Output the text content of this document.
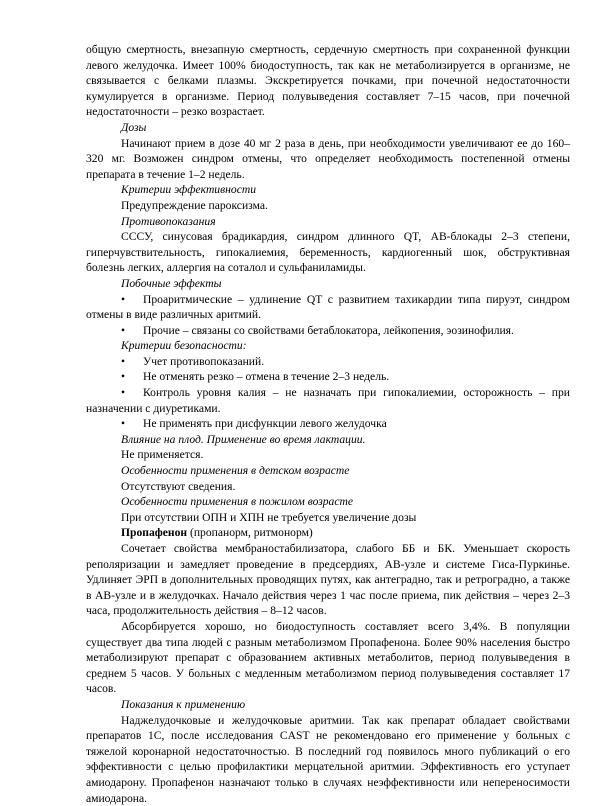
общую смертность, внезапную смертность, сердечную смертность при сохраненной функции левого желудочка. Имеет 100% биодоступность, так как не метаболизируется в организме, не связывается с белками плазмы. Экскретируется почками, при почечной недостаточности кумулируется в организме. Период полувыведения составляет 7–15 часов, при почечной недостаточности – резко возрастает.

Дозы

Начинают прием в дозе 40 мг 2 раза в день, при необходимости увеличивают ее до 160–320 мг. Возможен синдром отмены, что определяет необходимость постепенной отмены препарата в течение 1–2 недель.

Критерии эффективности

Предупреждение пароксизма.

Противопоказания

СССУ, синусовая брадикардия, синдром длинного QT, АВ-блокады 2–3 степени, гиперчувствительность, гипокалиемия, беременность, кардиогенный шок, обструктивная болезнь легких, аллергия на соталол и сульфаниламиды.

Побочные эффекты

• Проаритмические – удлинение QT с развитием тахикардии типа пируэт, синдром отмены в виде различных аритмий.

• Прочие – связаны со свойствами бетаблокатора, лейкопения, эозинофилия.

Критерии безопасности:

• Учет противопоказаний.

• Не отменять резко – отмена в течение 2–3 недель.

• Контроль уровня калия – не назначать при гипокалиемии, осторожность – при назначении с диуретиками.

• Не применять при дисфункции левого желудочка

Влияние на плод. Применение во время лактации.

Не применяется.

Особенности применения в детском возрасте

Отсутствуют сведения.

Особенности применения в пожилом возрасте

При отсутствии ОПН и ХПН не требуется увеличение дозы

Пропафенон (пропанорм, ритмонорм)

Сочетает свойства мембраностабилизатора, слабого ББ и БК. Уменьшает скорость реполяризации и замедляет проведение в предсердиях, АВ-узле и системе Гиса-Пуркинье. Удлиняет ЭРП в дополнительных проводящих путях, как антеградно, так и ретроградно, а также в АВ-узле и в желудочках. Начало действия через 1 час после приема, пик действия – через 2–3 часа, продолжительность действия – 8–12 часов.

Абсорбируется хорошо, но биодоступность составляет всего 3,4%. В популяции существует два типа людей с разным метаболизмом Пропафенона. Более 90% населения быстро метаболизируют препарат с образованием активных метаболитов, период полувыведения в среднем 5 часов. У больных с медленным метаболизмом период полувыведения составляет 17 часов.

Показания к применению

Наджелудочковые и желудочковые аритмии. Так как препарат обладает свойствами препаратов 1С, после исследования CAST не рекомендовано его применение у больных с тяжелой коронарной недостаточностью. В последний год появилось много публикаций о его эффективности с целью профилактики мерцательной аритмии. Эффективность его уступает амиодарону. Пропафенон назначают только в случаях неэффективности или непереносимости амиодарона.
